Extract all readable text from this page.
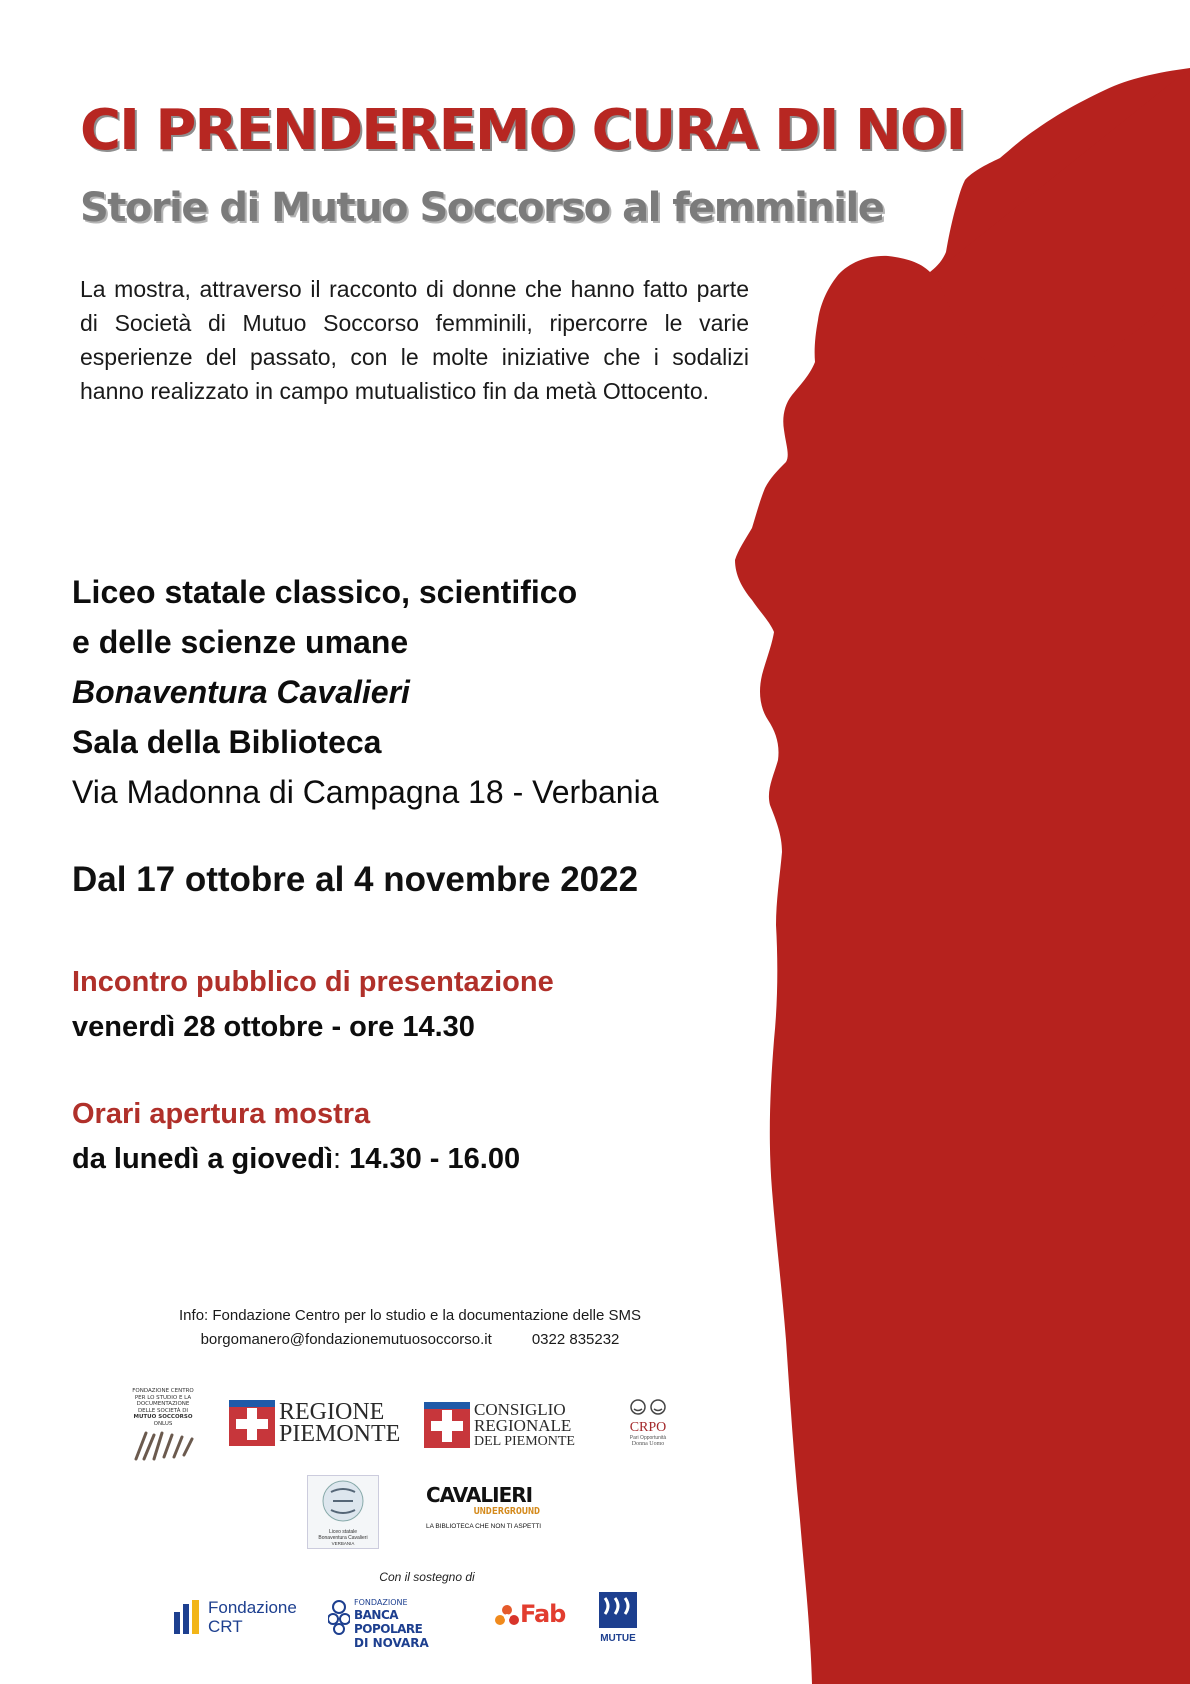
CI PRENDEREMO CURA DI NOI
Storie di Mutuo Soccorso al femminile
La mostra, attraverso il racconto di donne che hanno fatto parte di Società di Mutuo Soccorso femminili, ripercorre le varie esperienze del passato, con le molte iniziative che i sodalizi hanno realizzato in campo mutualistico fin da metà Ottocento.
Liceo statale classico, scientifico
e delle scienze umane
Bonaventura Cavalieri
Sala della Biblioteca
Via Madonna di Campagna 18 - Verbania
Dal 17 ottobre al 4 novembre 2022
Incontro pubblico di presentazione
venerdì 28 ottobre - ore 14.30
Orari apertura mostra
da lunedì a giovedì: 14.30 - 16.00
Info: Fondazione Centro per lo studio e la documentazione delle SMS
borgomanero@fondazionemutuosoccorso.it	0322 835232
FONDAZIONE CENTRO
PER LO STUDIO E LA
DOCUMENTAZIONE
DELLE SOCIETÀ DI
MUTUO SOCCORSO
ONLUS	REGIONE
PIEMONTE
CONSIGLIO
REGIONALE
DEL PIEMONTE
CRPO
Pari Opportunità
Donna Uomo
Liceo statale
Bonaventura Cavalieri
VERBANIA
CAVALIERI
UNDERGROUND
LA BIBLIOTECA CHE NON TI ASPETTI
Con il sostegno di
Fondazione
CRT
FONDAZIONE
BANCA POPOLARE
DI NOVARA
Fab
MUTUE
